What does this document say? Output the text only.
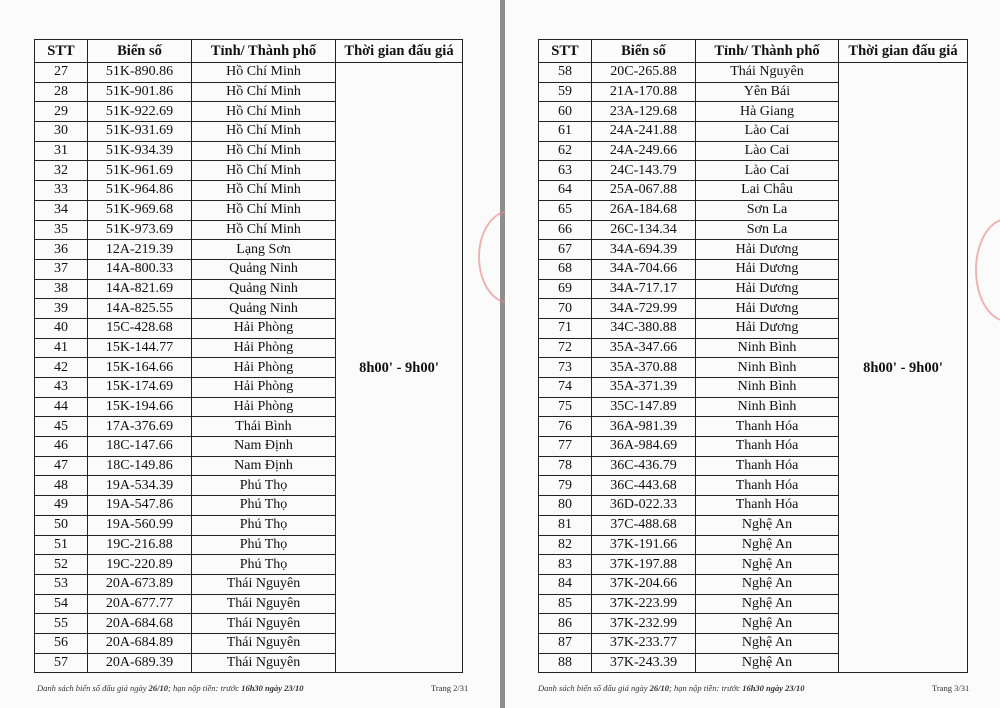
STT	Biển số	Tỉnh/ Thành phố	Thời gian đấu giá
27	51K-890.86	Hồ Chí Minh	8h00' - 9h00'
28	51K-901.86	Hồ Chí Minh	
29	51K-922.69	Hồ Chí Minh	
30	51K-931.69	Hồ Chí Minh	
31	51K-934.39	Hồ Chí Minh	
32	51K-961.69	Hồ Chí Minh	
33	51K-964.86	Hồ Chí Minh	
34	51K-969.68	Hồ Chí Minh	
35	51K-973.69	Hồ Chí Minh	
36	12A-219.39	Lạng Sơn	
37	14A-800.33	Quảng Ninh	
38	14A-821.69	Quảng Ninh	
39	14A-825.55	Quảng Ninh	
40	15C-428.68	Hải Phòng	
41	15K-144.77	Hải Phòng	
42	15K-164.66	Hải Phòng	
43	15K-174.69	Hải Phòng	
44	15K-194.66	Hải Phòng	
45	17A-376.69	Thái Bình	
46	18C-147.66	Nam Định	
47	18C-149.86	Nam Định	
48	19A-534.39	Phú Thọ	
49	19A-547.86	Phú Thọ	
50	19A-560.99	Phú Thọ	
51	19C-216.88	Phú Thọ	
52	19C-220.89	Phú Thọ	
53	20A-673.89	Thái Nguyên	
54	20A-677.77	Thái Nguyên	
55	20A-684.68	Thái Nguyên	
56	20A-684.89	Thái Nguyên	
57	20A-689.39	Thái Nguyên	
Danh sách biển số đấu giá ngày 26/10; hạn nộp tiền: trước 16h30 ngày 23/10	Trang 2/31
STT	Biển số	Tỉnh/ Thành phố	Thời gian đấu giá
58	20C-265.88	Thái Nguyên	8h00' - 9h00'
59	21A-170.88	Yên Bái	
60	23A-129.68	Hà Giang	
61	24A-241.88	Lào Cai	
62	24A-249.66	Lào Cai	
63	24C-143.79	Lào Cai	
64	25A-067.88	Lai Châu	
65	26A-184.68	Sơn La	
66	26C-134.34	Sơn La	
67	34A-694.39	Hải Dương	
68	34A-704.66	Hải Dương	
69	34A-717.17	Hải Dương	
70	34A-729.99	Hải Dương	
71	34C-380.88	Hải Dương	
72	35A-347.66	Ninh Bình	
73	35A-370.88	Ninh Bình	
74	35A-371.39	Ninh Bình	
75	35C-147.89	Ninh Bình	
76	36A-981.39	Thanh Hóa	
77	36A-984.69	Thanh Hóa	
78	36C-436.79	Thanh Hóa	
79	36C-443.68	Thanh Hóa	
80	36D-022.33	Thanh Hóa	
81	37C-488.68	Nghệ An	
82	37K-191.66	Nghệ An	
83	37K-197.88	Nghệ An	
84	37K-204.66	Nghệ An	
85	37K-223.99	Nghệ An	
86	37K-232.99	Nghệ An	
87	37K-233.77	Nghệ An	
88	37K-243.39	Nghệ An	
Danh sách biển số đấu giá ngày 26/10; hạn nộp tiền: trước 16h30 ngày 23/10	Trang 3/31
